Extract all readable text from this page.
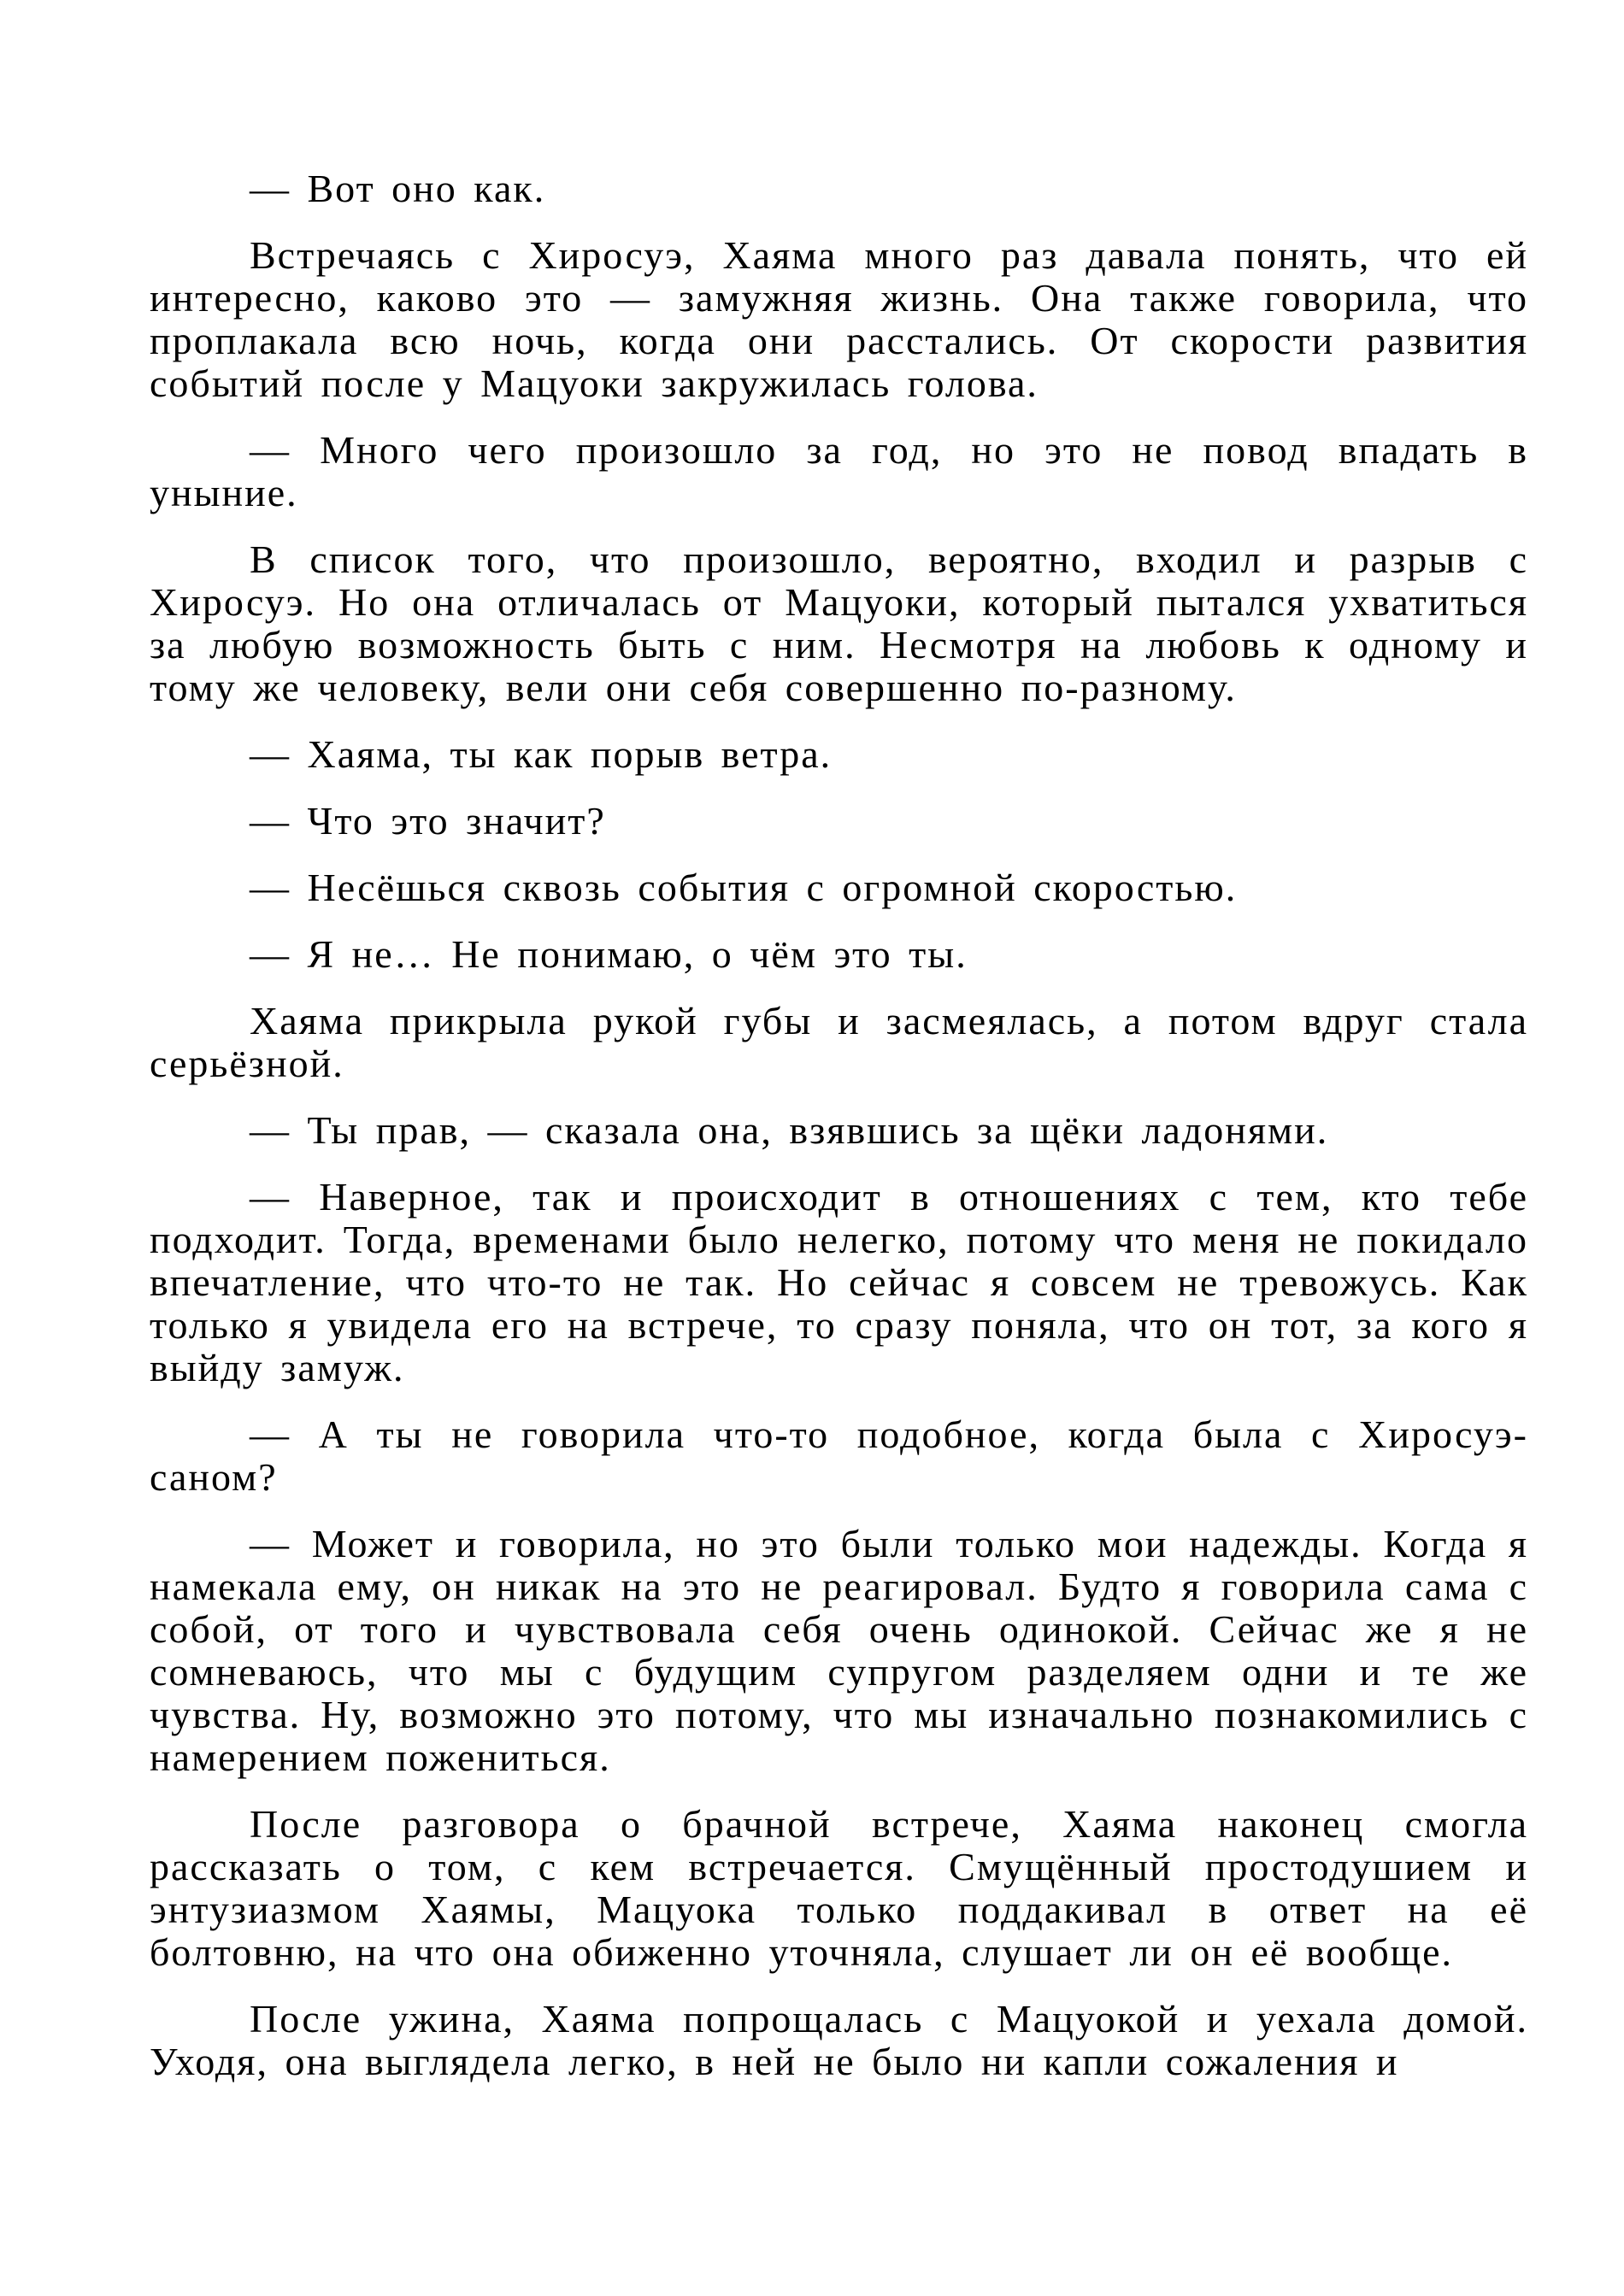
— Вот оно как.

Встречаясь с Хиросуэ, Хаяма много раз давала понять, что ей интересно, каково это — замужняя жизнь. Она также говорила, что проплакала всю ночь, когда они расстались. От скорости развития событий после у Мацуоки закружилась голова.

— Много чего произошло за год, но это не повод впадать в уныние.

В список того, что произошло, вероятно, входил и разрыв с Хиросуэ. Но она отличалась от Мацуоки, который пытался ухватиться за любую возможность быть с ним. Несмотря на любовь к одному и тому же человеку, вели они себя совершенно по-разному.

— Хаяма, ты как порыв ветра.

— Что это значит?

— Несёшься сквозь события с огромной скоростью.

— Я не… Не понимаю, о чём это ты.

Хаяма прикрыла рукой губы и засмеялась, а потом вдруг стала серьёзной.

— Ты прав, — сказала она, взявшись за щёки ладонями.

— Наверное, так и происходит в отношениях с тем, кто тебе подходит. Тогда, временами было нелегко, потому что меня не покидало впечатление, что что-то не так. Но сейчас я совсем не тревожусь. Как только я увидела его на встрече, то сразу поняла, что он тот, за кого я выйду замуж.

— А ты не говорила что-то подобное, когда была с Хиросуэ-саном?

— Может и говорила, но это были только мои надежды. Когда я намекала ему, он никак на это не реагировал. Будто я говорила сама с собой, от того и чувствовала себя очень одинокой. Сейчас же я не сомневаюсь, что мы с будущим супругом разделяем одни и те же чувства. Ну, возможно это потому, что мы изначально познакомились с намерением пожениться.

После разговора о брачной встрече, Хаяма наконец смогла рассказать о том, с кем встречается. Смущённый простодушием и энтузиазмом Хаямы, Мацуока только поддакивал в ответ на её болтовню, на что она обиженно уточняла, слушает ли он её вообще.

После ужина, Хаяма попрощалась с Мацуокой и уехала домой. Уходя, она выглядела легко, в ней не было ни капли сожаления и
